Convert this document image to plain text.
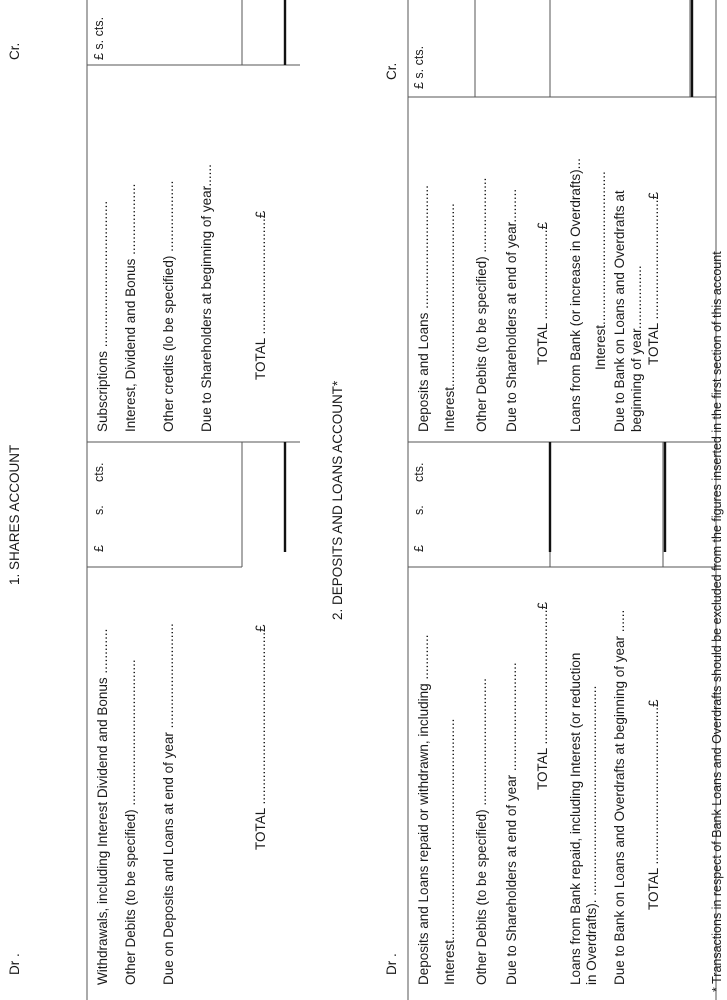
1. SHARES ACCOUNT
Dr .
Cr.
Withdrawals, including Interest Dividend and Bonus ............ Other Debits (to be specified) ....................................... Due on Deposits and Loans at end of year ............................	TOTAL ..............................................£
£
s.
cts.
Subscriptions ....................................... Interest, Dividend and Bonus ................... Other credits (lo be specified) ................... Due to Shareholders at beginning of year......	TOTAL ...............................£
£ s. cts.
2. DEPOSITS AND LOANS ACCOUNT*
Dr .
Cr.
Deposits and Loans repaid or withdrawn, including ............ Interest........................................................... Other Debits (to be specified) .................................. Due to Shareholders at end of year ............................. TOTAL ....................................£ Loans from Bank repaid, including Interest (or reduction in Overdrafts). ........................................................ Due to Bank on Loans and Overdrafts at beginning of year ...... TOTAL ..........................................£
£
s.
cts.
Deposits and Loans ................................. Interest................................................. Other Debits (to be specified) .................... Due to Shareholders at end of year......... TOTAL ........................£ Loans from Bank (or increase in Overdrafts)... Interest......................................... Due to Bank on Loans and Overdrafts at beginning of year................. TOTAL ................................£
£ s. cts.
* Transactions in respect of Bank Loans and Overdrafts should be excluded from the figures inserted in the first section of this account
